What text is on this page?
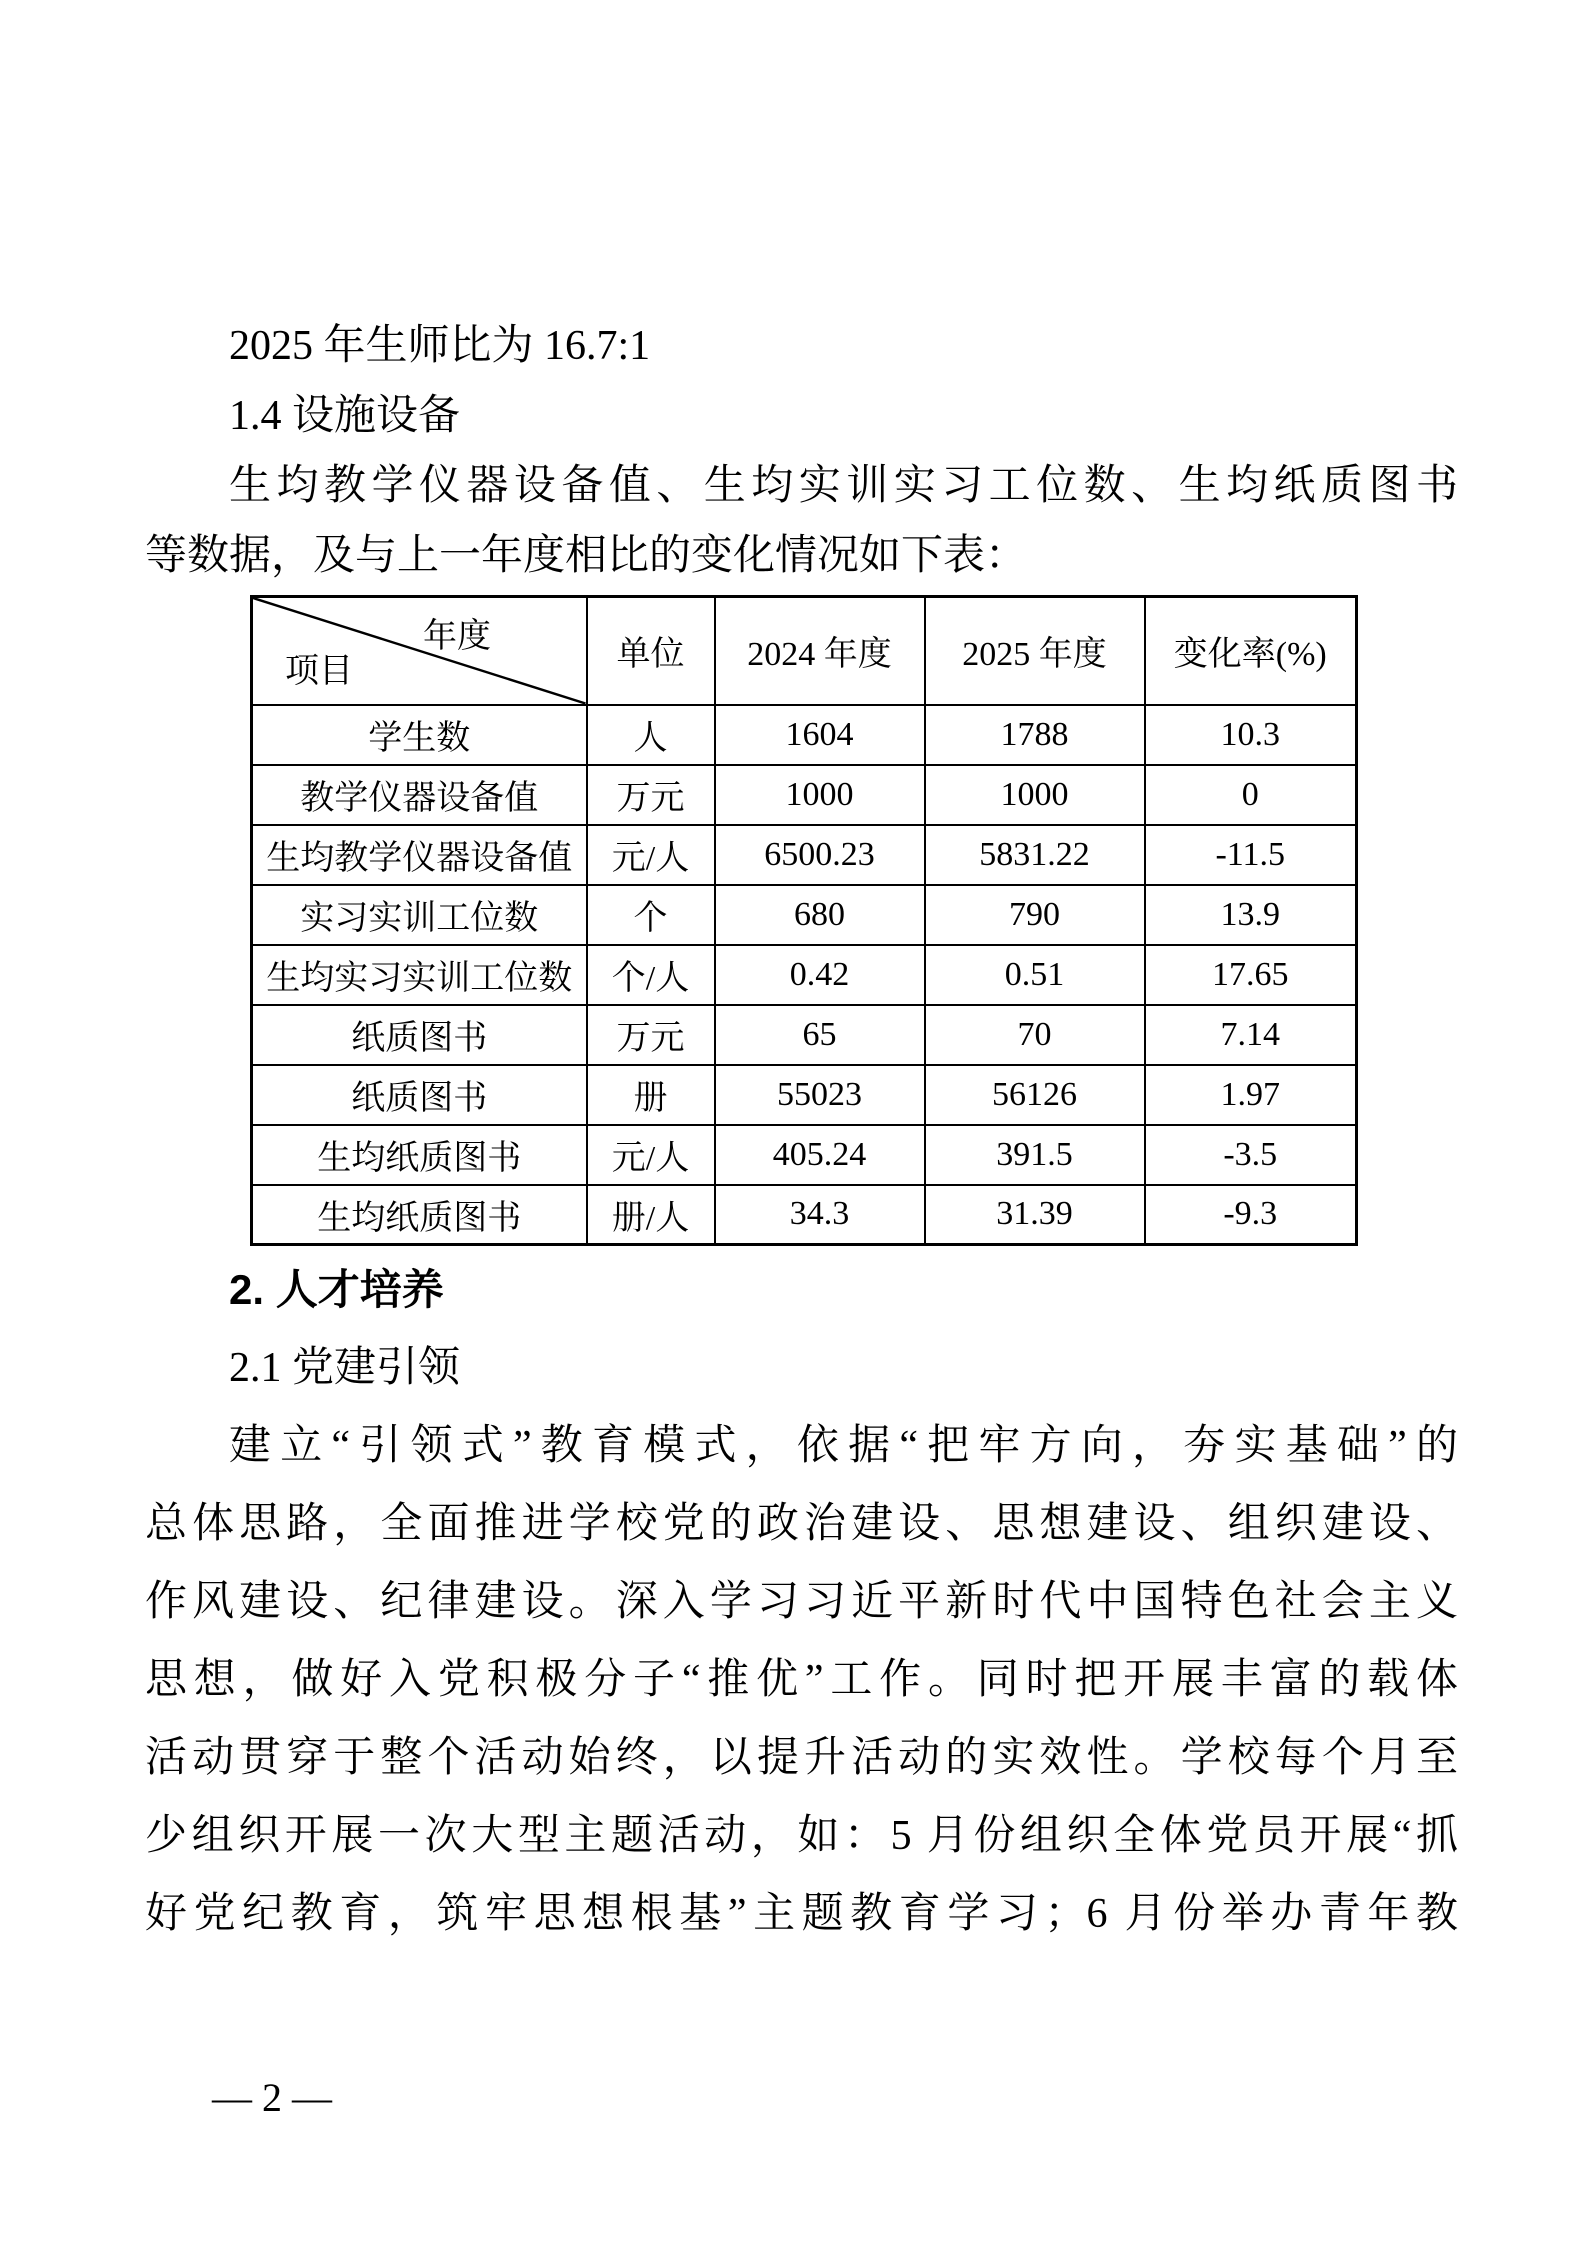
2025 年生师比为 16.7:1
1.4 设施设备
生均教学仪器设备值、生均实训实习工位数、生均纸质图书
等数据，及与上一年度相比的变化情况如下表：
年度
项目	单位	2024 年度	2025 年度	变化率(%)
学生数	人	1604	1788	10.3
教学仪器设备值	万元	1000	1000	0
生均教学仪器设备值	元/人	6500.23	5831.22	-11.5
实习实训工位数	个	680	790	13.9
生均实习实训工位数	个/人	0.42	0.51	17.65
纸质图书	万元	65	70	7.14
纸质图书	册	55023	56126	1.97
生均纸质图书	元/人	405.24	391.5	-3.5
生均纸质图书	册/人	34.3	31.39	-9.3
2. 人才培养
2.1 党建引领
建立“引领式”教育模式，依据“把牢方向，夯实基础”的
总体思路，全面推进学校党的政治建设、思想建设、组织建设、
作风建设、纪律建设。深入学习习近平新时代中国特色社会主义
思想，做好入党积极分子“推优”工作。同时把开展丰富的载体
活动贯穿于整个活动始终，以提升活动的实效性。学校每个月至
少组织开展一次大型主题活动，如：5 月份组织全体党员开展“抓
好党纪教育，筑牢思想根基”主题教育学习；6 月份举办青年教
— 2 —
